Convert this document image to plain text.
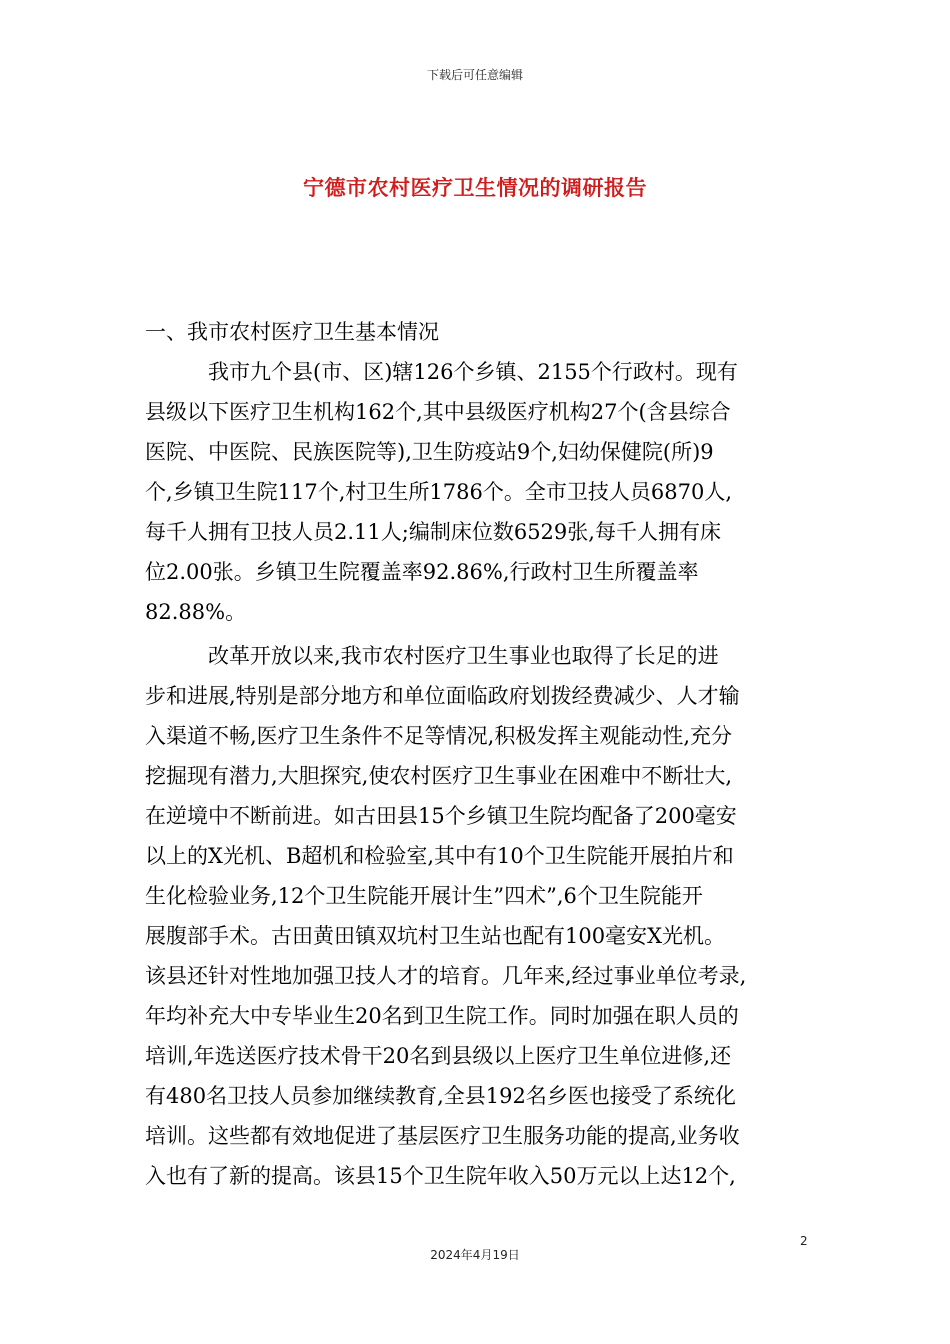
下载后可任意编辑
宁德市农村医疗卫生情况的调研报告
一、我市农村医疗卫生基本情况
　　　我市九个县(市、区)辖126个乡镇、2155个行政村。现有
县级以下医疗卫生机构162个,其中县级医疗机构27个(含县综合
医院、中医院、民族医院等),卫生防疫站9个,妇幼保健院(所)9
个,乡镇卫生院117个,村卫生所1786个。全市卫技人员6870人,
每千人拥有卫技人员2.11人;编制床位数6529张,每千人拥有床
位2.00张。乡镇卫生院覆盖率92.86%,行政村卫生所覆盖率
82.88%。
　　　改革开放以来,我市农村医疗卫生事业也取得了长足的进
步和进展,特别是部分地方和单位面临政府划拨经费减少、人才输
入渠道不畅,医疗卫生条件不足等情况,积极发挥主观能动性,充分
挖掘现有潜力,大胆探究,使农村医疗卫生事业在困难中不断壮大,
在逆境中不断前进。如古田县15个乡镇卫生院均配备了200毫安
以上的X光机、B超机和检验室,其中有10个卫生院能开展拍片和
生化检验业务,12个卫生院能开展计生”四术”,6个卫生院能开
展腹部手术。古田黄田镇双坑村卫生站也配有100毫安X光机。
该县还针对性地加强卫技人才的培育。几年来,经过事业单位考录,
年均补充大中专毕业生20名到卫生院工作。同时加强在职人员的
培训,年选送医疗技术骨干20名到县级以上医疗卫生单位进修,还
有480名卫技人员参加继续教育,全县192名乡医也接受了系统化
培训。这些都有效地促进了基层医疗卫生服务功能的提高,业务收
入也有了新的提高。该县15个卫生院年收入50万元以上达12个,
2
2024年4月19日
